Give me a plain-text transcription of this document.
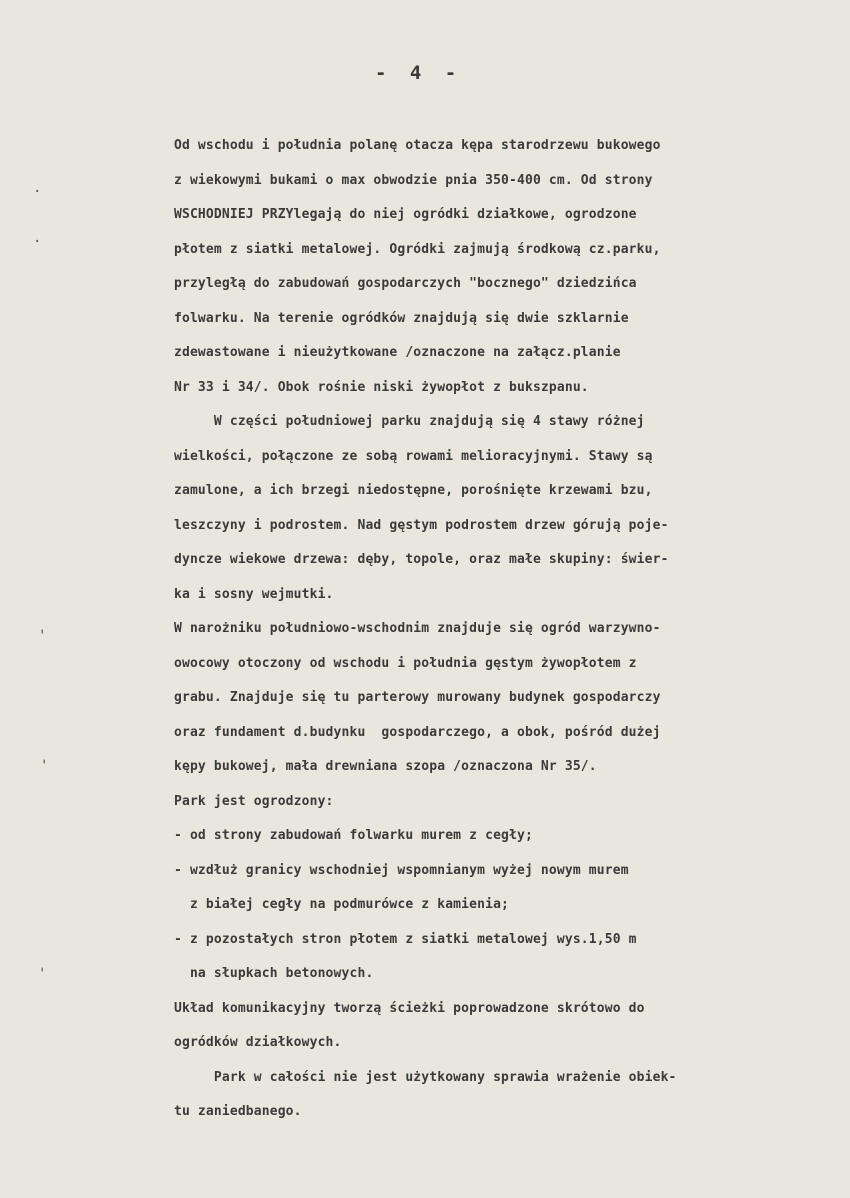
- 4 -
.
.
'
'
'
Od wschodu i południa polanę otacza kępa starodrzewu bukowego
z wiekowymi bukami o max obwodzie pnia 350-400 cm. Od strony
WSCHODNIEJ PRZYlegają do niej ogródki działkowe, ogrodzone
płotem z siatki metalowej. Ogródki zajmują środkową cz.parku,
przyległą do zabudowań gospodarczych "bocznego" dziedzińca
folwarku. Na terenie ogródków znajdują się dwie szklarnie
zdewastowane i nieużytkowane /oznaczone na załącz.planie
Nr 33 i 34/. Obok rośnie niski żywopłot z bukszpanu.
W części południowej parku znajdują się 4 stawy różnej
wielkości, połączone ze sobą rowami melioracyjnymi. Stawy są
zamulone, a ich brzegi niedostępne, porośnięte krzewami bzu,
leszczyny i podrostem. Nad gęstym podrostem drzew górują poje-
dyncze wiekowe drzewa: dęby, topole, oraz małe skupiny: świer-
ka i sosny wejmutki.
W narożniku południowo-wschodnim znajduje się ogród warzywno-
owocowy otoczony od wschodu i południa gęstym żywopłotem z
grabu. Znajduje się tu parterowy murowany budynek gospodarczy
oraz fundament d.budynku  gospodarczego, a obok, pośród dużej
kępy bukowej, mała drewniana szopa /oznaczona Nr 35/.
Park jest ogrodzony:
- od strony zabudowań folwarku murem z cegły;
- wzdłuż granicy wschodniej wspomnianym wyżej nowym murem
z białej cegły na podmurówce z kamienia;
- z pozostałych stron płotem z siatki metalowej wys.1,50 m
na słupkach betonowych.
Układ komunikacyjny tworzą ścieżki poprowadzone skrótowo do
ogródków działkowych.
Park w całości nie jest użytkowany sprawia wrażenie obiek-
tu zaniedbanego.
